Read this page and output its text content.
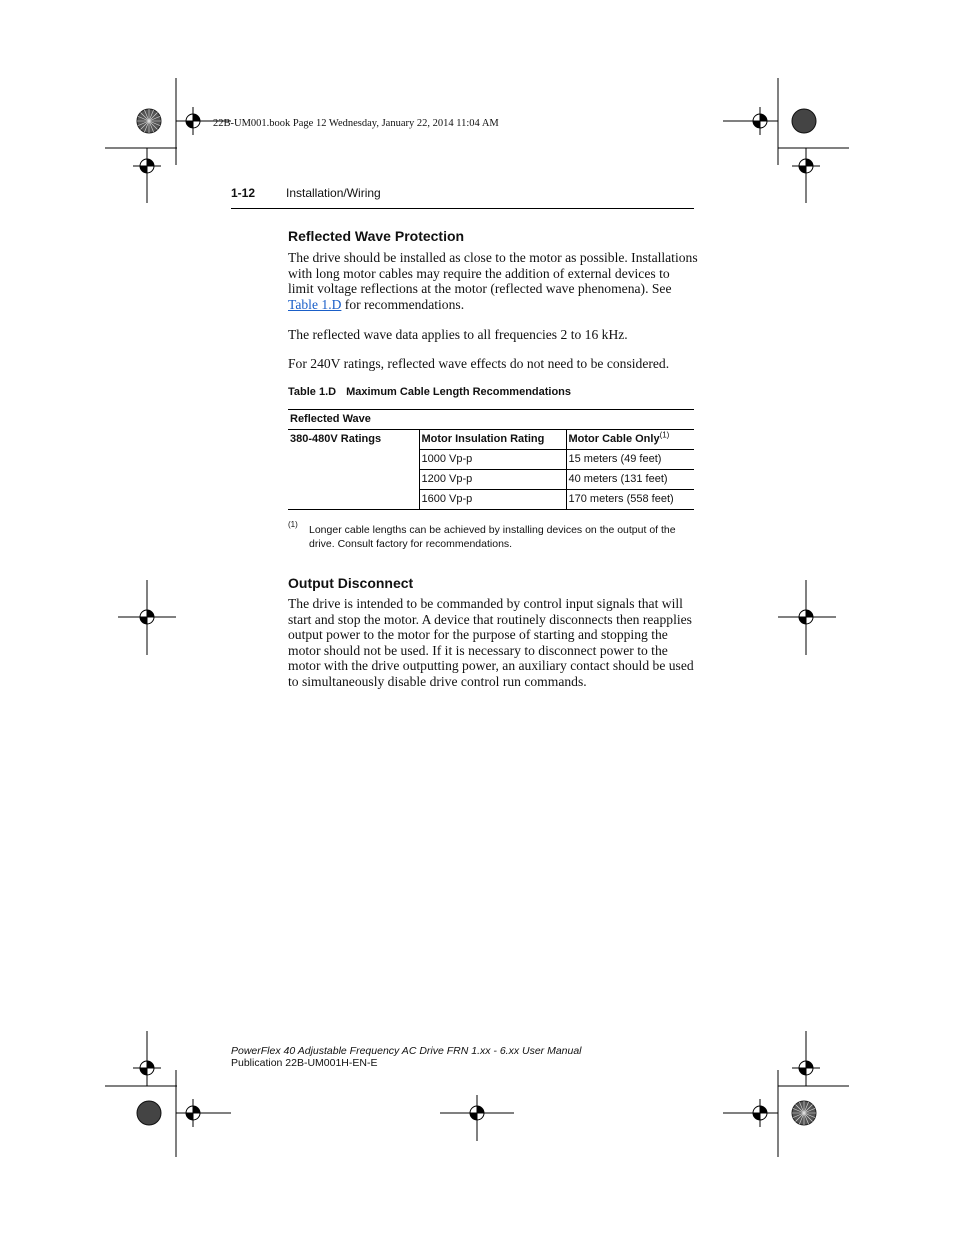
22B-UM001.book Page 12 Wednesday, January 22, 2014 11:04 AM
1-12	Installation/Wiring
Reflected Wave Protection
The drive should be installed as close to the motor as possible. Installations with long motor cables may require the addition of external devices to limit voltage reflections at the motor (reflected wave phenomena). See Table 1.D for recommendations.
The reflected wave data applies to all frequencies 2 to 16 kHz.
For 240V ratings, reflected wave effects do not need to be considered.
Table 1.D Maximum Cable Length Recommendations
Reflected Wave		
380-480V Ratings	Motor Insulation Rating	Motor Cable Only$^{(1)}$
	1000 Vp-p	15 meters (49 feet)
	1200 Vp-p	40 meters (131 feet)
	1600 Vp-p	170 meters (558 feet)
(1) Longer cable lengths can be achieved by installing devices on the output of the drive. Consult factory for recommendations.
Output Disconnect
The drive is intended to be commanded by control input signals that will start and stop the motor. A device that routinely disconnects then reapplies output power to the motor for the purpose of starting and stopping the motor should not be used. If it is necessary to disconnect power to the motor with the drive outputting power, an auxiliary contact should be used to simultaneously disable drive control run commands.
PowerFlex 40 Adjustable Frequency AC Drive FRN 1.xx - 6.xx User Manual
Publication 22B-UM001H-EN-E
